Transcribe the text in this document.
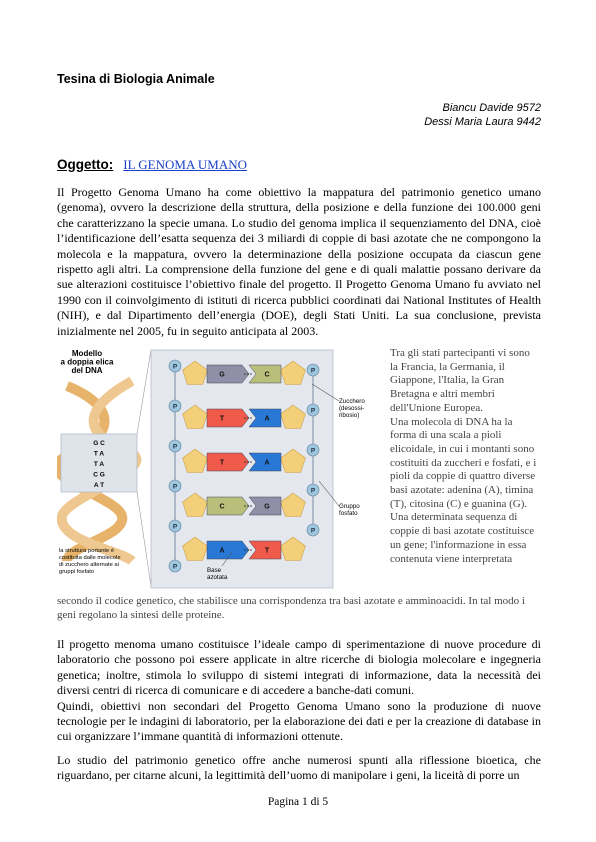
Tesina di Biologia Animale
Biancu Davide 9572
Dessi Maria Laura 9442
Oggetto: IL GENOMA UMANO
Il Progetto Genoma Umano ha come obiettivo la mappatura del patrimonio genetico umano (genoma), ovvero la descrizione della struttura, della posizione e della funzione dei 100.000 geni che caratterizzano la specie umana. Lo studio del genoma implica il sequenziamento del DNA, cioè l’identificazione dell’esatta sequenza dei 3 miliardi di coppie di basi azotate che ne compongono la molecola e la mappatura, ovvero la determinazione della posizione occupata da ciascun gene rispetto agli altri. La comprensione della funzione del gene e di quali malattie possano derivare da sue alterazioni costituisce l’obiettivo finale del progetto. Il Progetto Genoma Umano fu avviato nel 1990 con il coinvolgimento di istituti di ricerca pubblici coordinati dai National Institutes of Health (NIH), e dal Dipartimento dell’energia (DOE), degli Stati Uniti. La sua conclusione, prevista inizialmente nel 2005, fu in seguito anticipata al 2003.
Modello a doppia elica del DNA
G C
T A
T A
C G
A T
la struttura portante è costituita dalle molecole di zucchero alternate ai gruppi fosfato
P
P
P
P
P
P
P
P
P
P
P
G	C
T	A
T	A
C	G
A	T
Zucchero (desossi-ribosio)
Gruppo fosfato
Base azotata
Tra gli stati partecipanti vi sono la Francia, la Germania, il Giappone, l'Italia, la Gran Bretagna e altri membri dell'Unione Europea.
Una molecola di DNA ha la forma di una scala a pioli elicoidale, in cui i montanti sono costituiti da zuccheri e fosfati, e i pioli da coppie di quattro diverse basi azotate: adenina (A), timina (T), citosina (C) e guanina (G). Una determinata sequenza di coppie di basi azotate costituisce un gene; l'informazione in essa contenuta viene interpretata
secondo il codice genetico, che stabilisce una corrispondenza tra basi azotate e amminoacidi. In tal modo i geni regolano la sintesi delle proteine.
Il progetto menoma umano costituisce l’ideale campo di sperimentazione di nuove procedure di laboratorio che possono poi essere applicate in altre ricerche di biologia molecolare e ingegneria genetica; inoltre, stimola lo sviluppo di sistemi integrati di informazione, data la necessità dei diversi centri di ricerca di comunicare e di accedere a banche-dati comuni.
Quindi, obiettivi non secondari del Progetto Genoma Umano sono la produzione di nuove tecnologie per le indagini di laboratorio, per la elaborazione dei dati e per la creazione di database in cui organizzare l’immane quantità di informazioni ottenute.
Lo studio del patrimonio genetico offre anche numerosi spunti alla riflessione bioetica, che riguardano, per citarne alcuni, la legittimità dell’uomo di manipolare i geni, la liceità di porre un
Pagina 1 di 5
